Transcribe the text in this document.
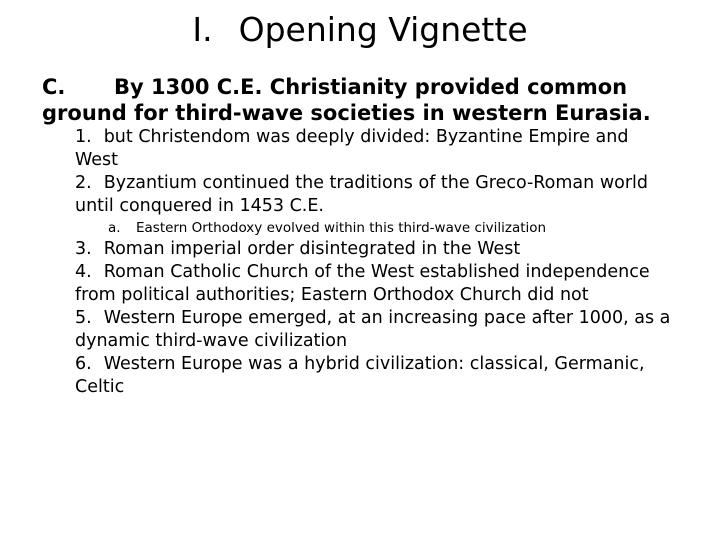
I. Opening Vignette
C. By 1300 C.E. Christianity provided common ground for third-wave societies in western Eurasia.

1. but Christendom was deeply divided: Byzantine Empire and West

2. Byzantium continued the traditions of the Greco-Roman world until conquered in 1453 C.E.

a. Eastern Orthodoxy evolved within this third-wave civilization

3. Roman imperial order disintegrated in the West

4. Roman Catholic Church of the West established independence from political authorities; Eastern Orthodox Church did not

5. Western Europe emerged, at an increasing pace after 1000, as a dynamic third-wave civilization

6. Western Europe was a hybrid civilization: classical, Germanic, Celtic
